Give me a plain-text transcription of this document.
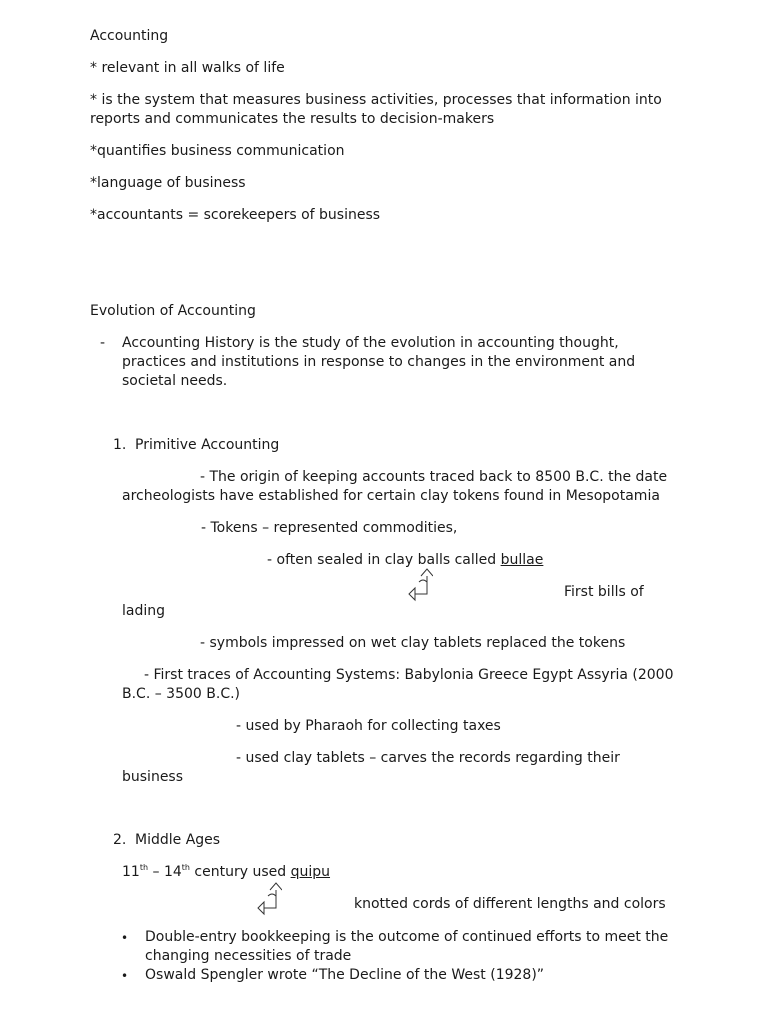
Accounting
* relevant in all walks of life
* is the system that measures business activities, processes that information into reports and communicates the results to decision-makers
*quantifies business communication
*language of business
*accountants = scorekeepers of business
Evolution of Accounting
- Accounting History is the study of the evolution in accounting thought, practices and institutions in response to changes in the environment and societal needs.
1. Primitive Accounting
- The origin of keeping accounts traced back to 8500 B.C. the date
archeologists have established for certain clay tokens found in Mesopotamia
- Tokens – represented commodities,
- often sealed in clay balls called bullae
First bills of
lading
- symbols impressed on wet clay tablets replaced the tokens
- First traces of Accounting Systems: Babylonia Greece Egypt Assyria (2000
B.C. – 3500 B.C.)
- used by Pharaoh for collecting taxes
- used clay tablets – carves the records regarding their
business
2. Middle Ages
11th – 14th century used quipu
knotted cords of different lengths and colors
• Double-entry bookkeeping is the outcome of continued efforts to meet the changing necessities of trade
• Oswald Spengler wrote “The Decline of the West (1928)”
